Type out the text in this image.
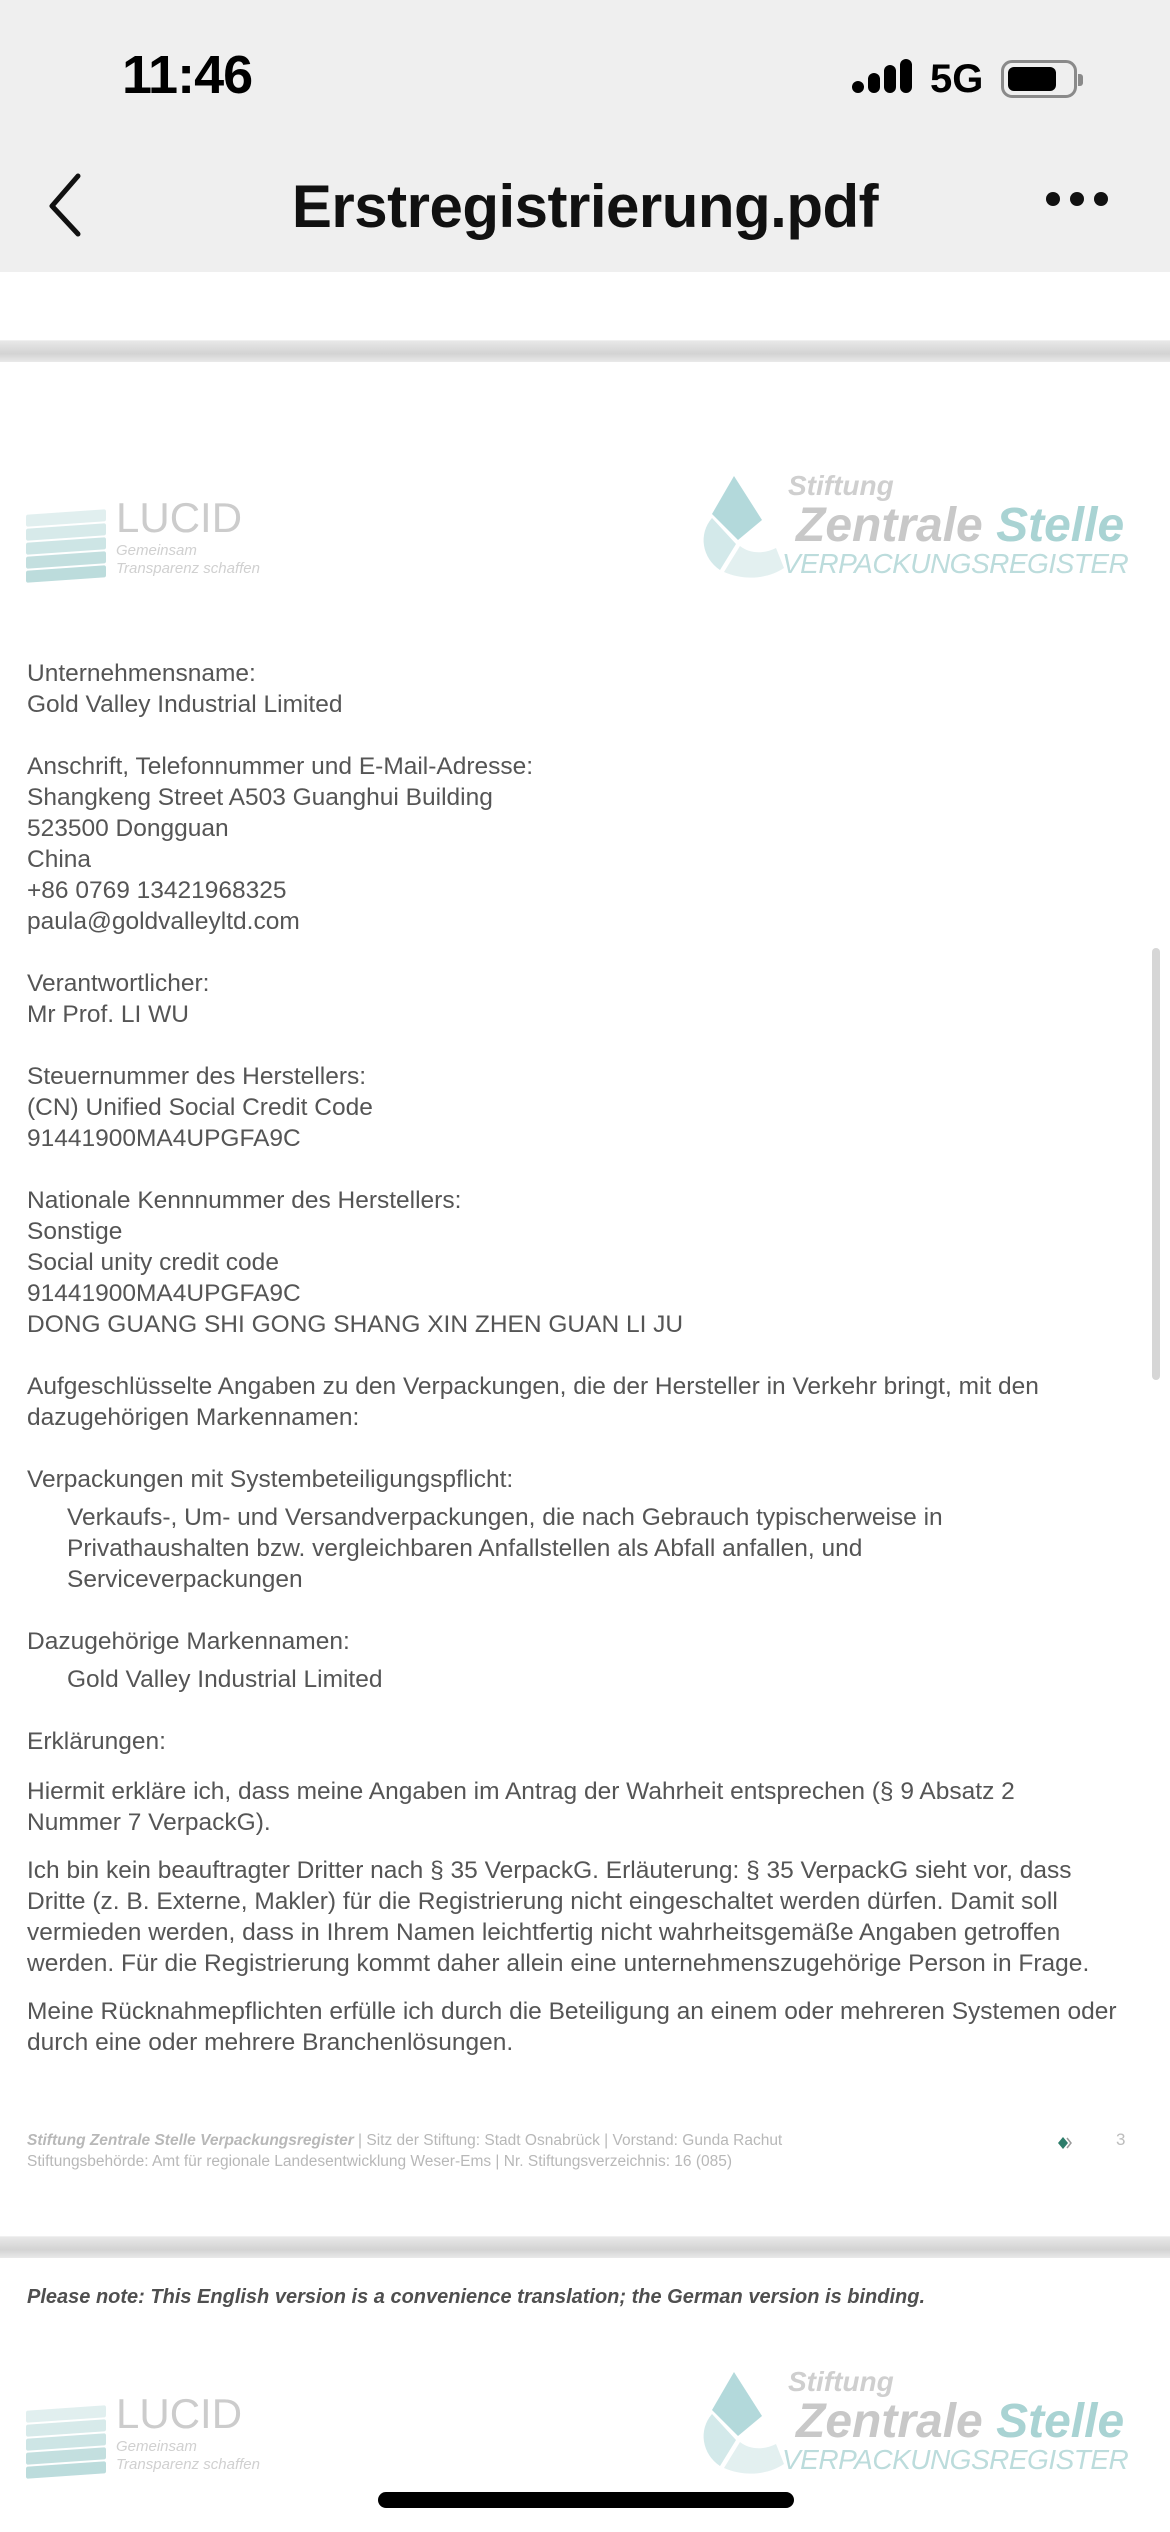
11:46	5G
Erstregistrierung.pdf
LUCID
Gemeinsam
Transparenz schaffen
Stiftung
Zentrale Stelle
VERPACKUNGSREGISTER
Unternehmensname:
Gold Valley Industrial Limited
Anschrift, Telefonnummer und E-Mail-Adresse:
Shangkeng Street A503 Guanghui Building
523500 Dongguan
China
+86 0769 13421968325
paula@goldvalleyltd.com
Verantwortlicher:
Mr Prof. LI WU
Steuernummer des Herstellers:
(CN) Unified Social Credit Code
91441900MA4UPGFA9C
Nationale Kennnummer des Herstellers:
Sonstige
Social unity credit code
91441900MA4UPGFA9C
DONG GUANG SHI GONG SHANG XIN ZHEN GUAN LI JU
Aufgeschlüsselte Angaben zu den Verpackungen, die der Hersteller in Verkehr bringt, mit den dazugehörigen Markennamen:
Verpackungen mit Systembeteiligungspflicht:
Verkaufs-, Um- und Versandverpackungen, die nach Gebrauch typischerweise in Privathaushalten bzw. vergleichbaren Anfallstellen als Abfall anfallen, und Serviceverpackungen
Dazugehörige Markennamen:
Gold Valley Industrial Limited
Erklärungen:
Hiermit erkläre ich, dass meine Angaben im Antrag der Wahrheit entsprechen (§ 9 Absatz 2 Nummer 7 VerpackG).
Ich bin kein beauftragter Dritter nach § 35 VerpackG. Erläuterung: § 35 VerpackG sieht vor, dass Dritte (z. B. Externe, Makler) für die Registrierung nicht eingeschaltet werden dürfen. Damit soll vermieden werden, dass in Ihrem Namen leichtfertig nicht wahrheitsgemäße Angaben getroffen werden. Für die Registrierung kommt daher allein eine unternehmenszugehörige Person in Frage.
Meine Rücknahmepflichten erfülle ich durch die Beteiligung an einem oder mehreren Systemen oder durch eine oder mehrere Branchenlösungen.
Stiftung Zentrale Stelle Verpackungsregister | Sitz der Stiftung: Stadt Osnabrück | Vorstand: Gunda Rachut
Stiftungsbehörde: Amt für regionale Landesentwicklung Weser-Ems | Nr. Stiftungsverzeichnis: 16 (085)
3
Please note: This English version is a convenience translation; the German version is binding.
LUCID
Gemeinsam
Transparenz schaffen
Stiftung
Zentrale Stelle
VERPACKUNGSREGISTER
